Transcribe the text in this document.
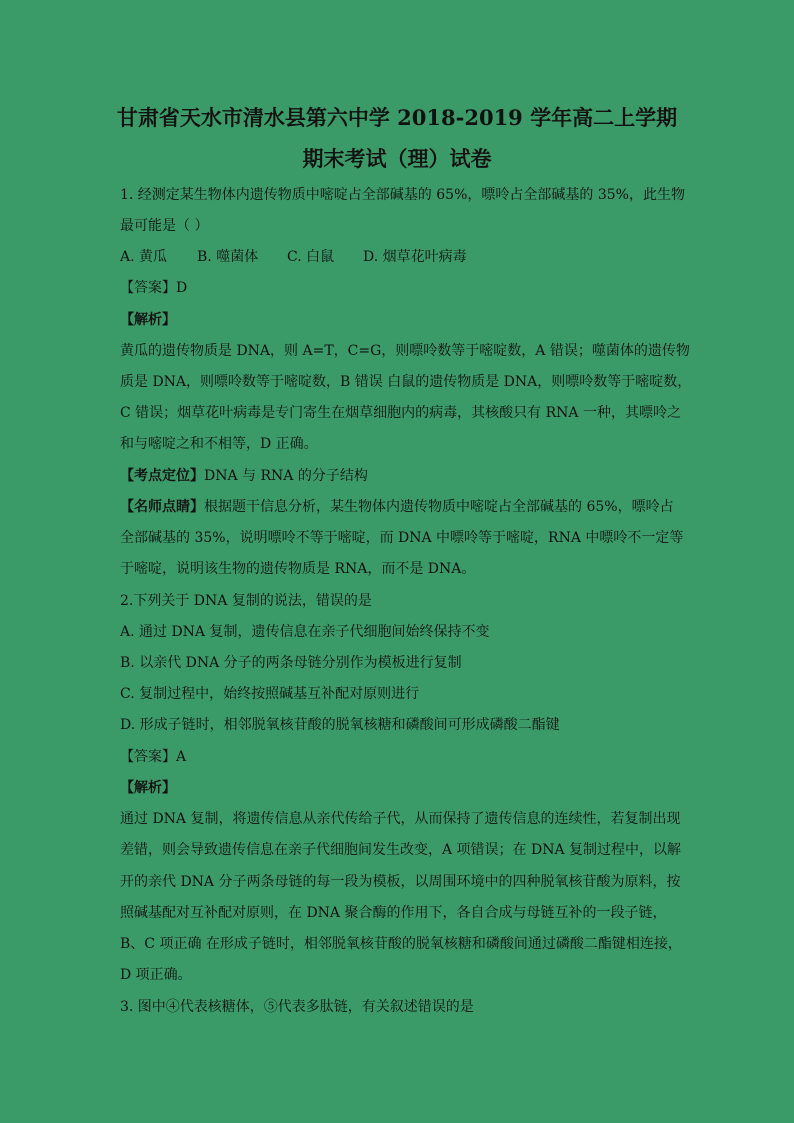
甘肃省天水市清水县第六中学 2018-2019 学年高二上学期
期末考试（理）试卷
1. 经测定某生物体内遗传物质中嘧啶占全部碱基的 65%，嘌呤占全部碱基的 35%，此生物
最可能是（ ）
A. 黄瓜 B. 噬菌体 C. 白鼠 D. 烟草花叶病毒
【答案】D
【解析】
黄瓜的遗传物质是 DNA，则 A=T，C=G，则嘌呤数等于嘧啶数，A 错误；噬菌体的遗传物
质是 DNA，则嘌呤数等于嘧啶数，B 错误 白鼠的遗传物质是 DNA，则嘌呤数等于嘧啶数，
C 错误；烟草花叶病毒是专门寄生在烟草细胞内的病毒，其核酸只有 RNA 一种，其嘌呤之
和与嘧啶之和不相等，D 正确。
【考点定位】DNA 与 RNA 的分子结构
【名师点睛】根据题干信息分析，某生物体内遗传物质中嘧啶占全部碱基的 65%，嘌呤占
全部碱基的 35%，说明嘌呤不等于嘧啶，而 DNA 中嘌呤等于嘧啶，RNA 中嘌呤不一定等
于嘧啶，说明该生物的遗传物质是 RNA，而不是 DNA。
2.下列关于 DNA 复制的说法，错误的是
A. 通过 DNA 复制，遗传信息在亲子代细胞间始终保持不变
B. 以亲代 DNA 分子的两条母链分别作为模板进行复制
C. 复制过程中，始终按照碱基互补配对原则进行
D. 形成子链时，相邻脱氧核苷酸的脱氧核糖和磷酸间可形成磷酸二酯键
【答案】A
【解析】
通过 DNA 复制，将遗传信息从亲代传给子代，从而保持了遗传信息的连续性，若复制出现
差错，则会导致遗传信息在亲子代细胞间发生改变，A 项错误；在 DNA 复制过程中，以解
开的亲代 DNA 分子两条母链的每一段为模板，以周围环境中的四种脱氧核苷酸为原料，按
照碱基配对互补配对原则，在 DNA 聚合酶的作用下，各自合成与母链互补的一段子链，
B、C 项正确 在形成子链时，相邻脱氧核苷酸的脱氧核糖和磷酸间通过磷酸二酯键相连接，
D 项正确。
3. 图中④代表核糖体，⑤代表多肽链，有关叙述错误的是
